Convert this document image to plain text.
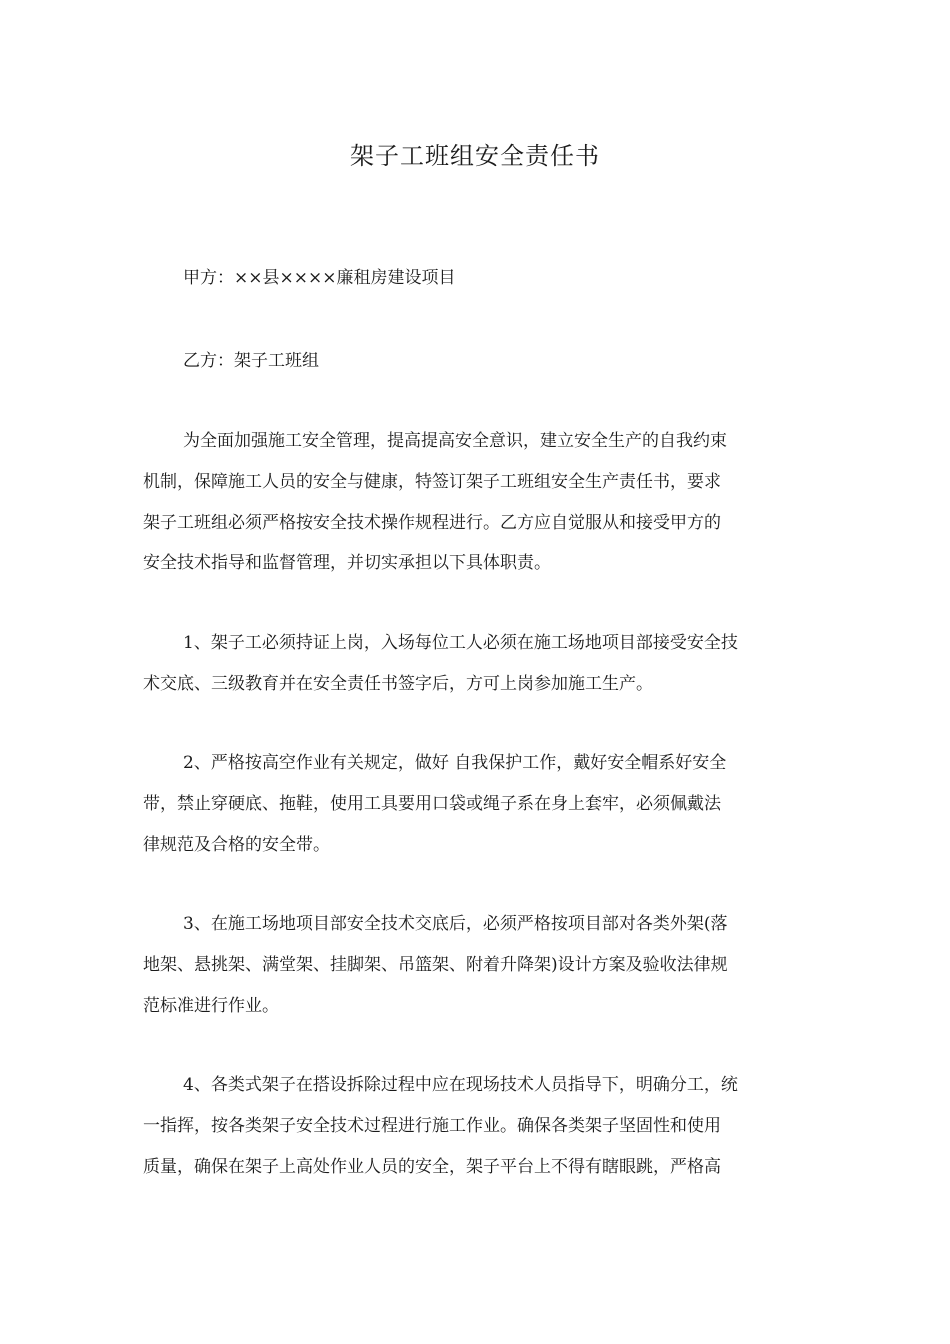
架子工班组安全责任书
甲方：××县××××廉租房建设项目
乙方：架子工班组
为全面加强施工安全管理，提高提高安全意识，建立安全生产的自我约束
机制，保障施工人员的安全与健康，特签订架子工班组安全生产责任书，要求
架子工班组必须严格按安全技术操作规程进行。乙方应自觉服从和接受甲方的
安全技术指导和监督管理，并切实承担以下具体职责。
1、架子工必须持证上岗，入场每位工人必须在施工场地项目部接受安全技
术交底、三级教育并在安全责任书签字后，方可上岗参加施工生产。
2、严格按高空作业有关规定，做好 自我保护工作，戴好安全帽系好安全
带，禁止穿硬底、拖鞋，使用工具要用口袋或绳子系在身上套牢，必须佩戴法
律规范及合格的安全带。
3、在施工场地项目部安全技术交底后，必须严格按项目部对各类外架(落
地架、悬挑架、满堂架、挂脚架、吊篮架、附着升降架)设计方案及验收法律规
范标准进行作业。
4、各类式架子在搭设拆除过程中应在现场技术人员指导下，明确分工，统
一指挥，按各类架子安全技术过程进行施工作业。确保各类架子坚固性和使用
质量，确保在架子上高处作业人员的安全，架子平台上不得有瞎眼跳，严格高
